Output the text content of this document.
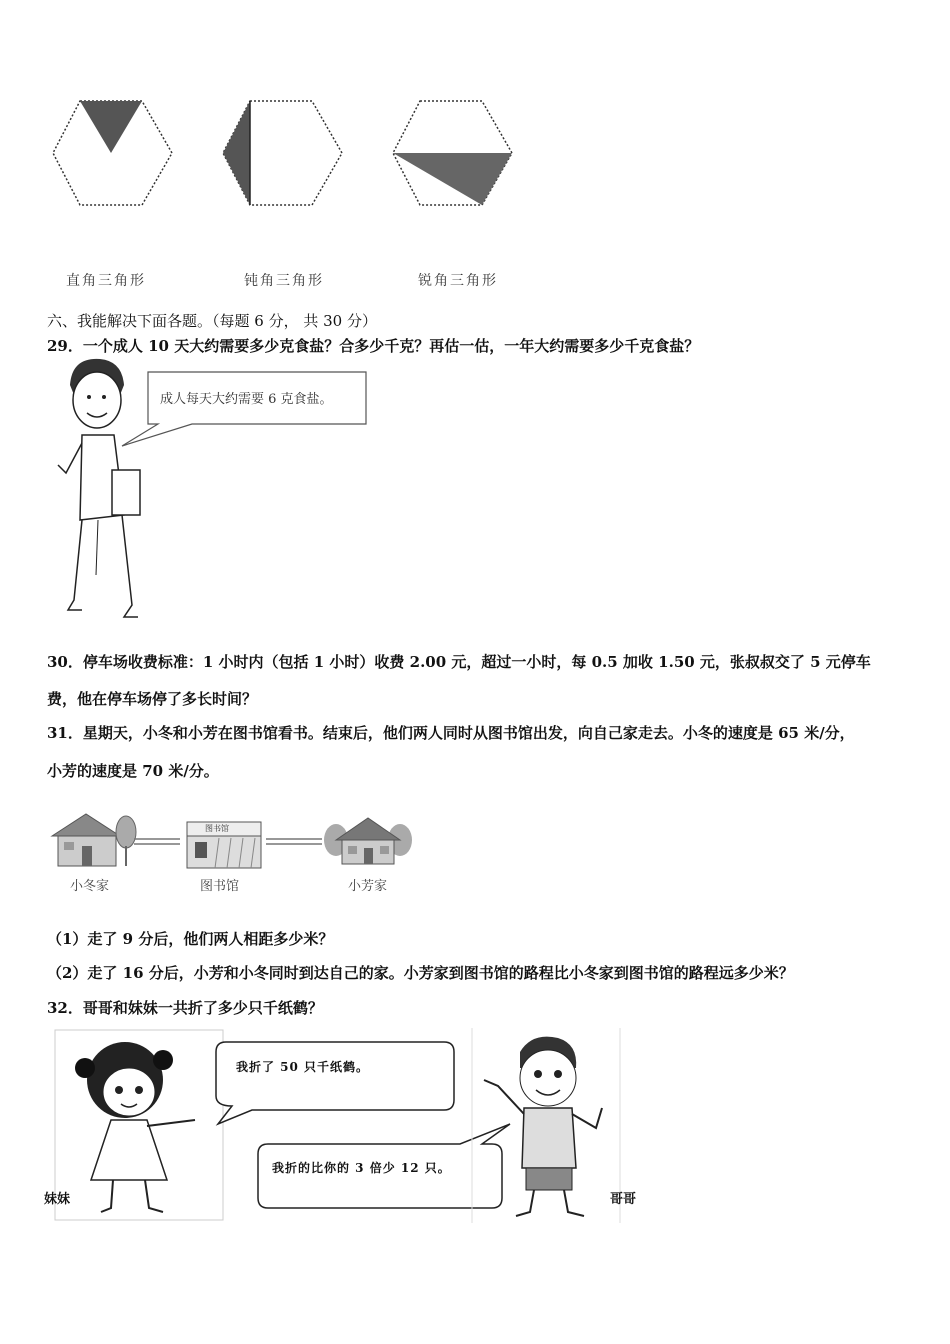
直角三角形	钝角三角形	锐角三角形
六、我能解决下面各题。（每题 6 分， 共 30 分）
29．一个成人 10 天大约需要多少克食盐？合多少千克？再估一估，一年大约需要多少千克食盐？
成人每天大约需要 6 克食盐。
30．停车场收费标准：1 小时内（包括 1 小时）收费 2.00 元，超过一小时，每 0.5 加收 1.50 元，张叔叔交了 5 元停车
费，他在停车场停了多长时间？
31．星期天，小冬和小芳在图书馆看书。结束后，他们两人同时从图书馆出发，向自己家走去。小冬的速度是 65 米/分，
小芳的速度是 70 米/分。
图书馆
小冬家	图书馆	小芳家
（1）走了 9 分后，他们两人相距多少米？
（2）走了 16 分后，小芳和小冬同时到达自己的家。小芳家到图书馆的路程比小冬家到图书馆的路程远多少米？
32．哥哥和妹妹一共折了多少只千纸鹤？
我折了 50 只千纸鹤。
我折的比你的 3 倍少 12 只。
妹妹	哥哥
